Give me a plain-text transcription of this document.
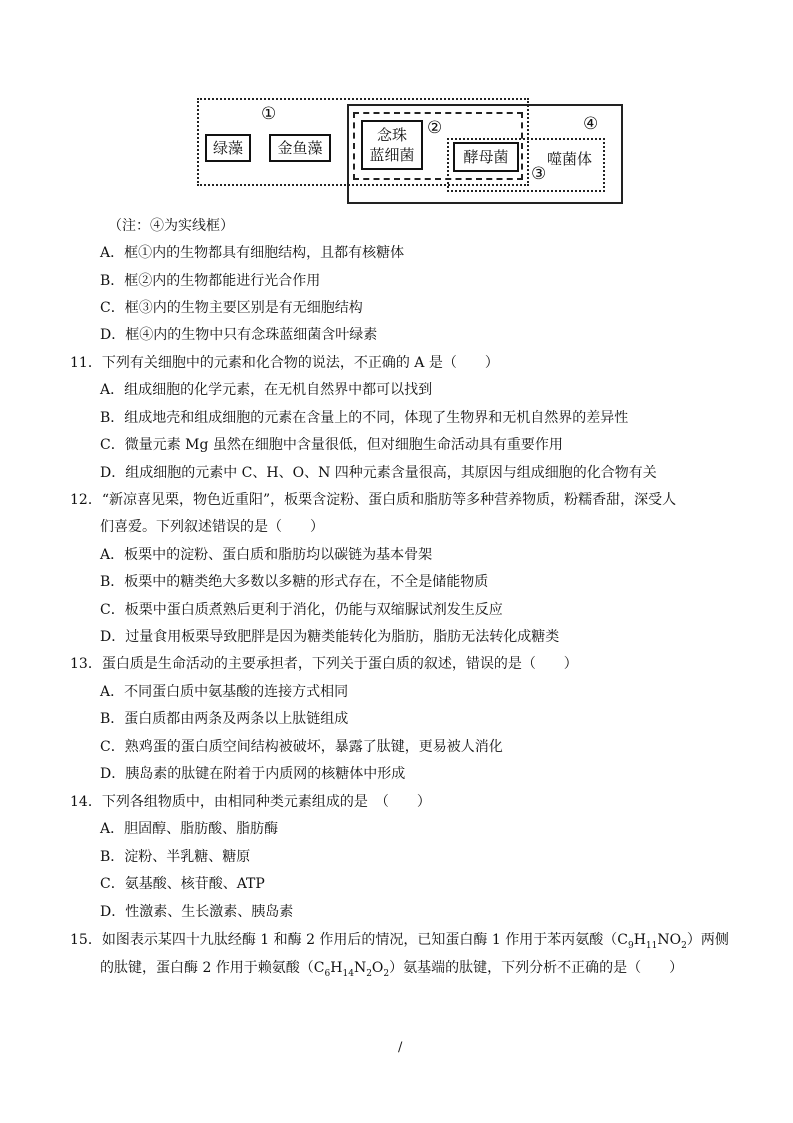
①
②
③
④
绿藻 金鱼藻
念珠
蓝细菌	酵母菌	噬菌体
（注：④为实线框）
A．框①内的生物都具有细胞结构，且都有核糖体
B．框②内的生物都能进行光合作用
C．框③内的生物主要区别是有无细胞结构
D．框④内的生物中只有念珠蓝细菌含叶绿素
11．下列有关细胞中的元素和化合物的说法，不正确的 A 是（　　）
A．组成细胞的化学元素，在无机自然界中都可以找到
B．组成地壳和组成细胞的元素在含量上的不同，体现了生物界和无机自然界的差异性
C．微量元素 Mg 虽然在细胞中含量很低，但对细胞生命活动具有重要作用
D．组成细胞的元素中 C、H、O、N 四种元素含量很高，其原因与组成细胞的化合物有关
12．“新凉喜见栗，物色近重阳”，板栗含淀粉、蛋白质和脂肪等多种营养物质，粉糯香甜，深受人
们喜爱。下列叙述错误的是（　　）
A．板栗中的淀粉、蛋白质和脂肪均以碳链为基本骨架
B．板栗中的糖类绝大多数以多糖的形式存在，不全是储能物质
C．板栗中蛋白质煮熟后更利于消化，仍能与双缩脲试剂发生反应
D．过量食用板栗导致肥胖是因为糖类能转化为脂肪，脂肪无法转化成糖类
13．蛋白质是生命活动的主要承担者，下列关于蛋白质的叙述，错误的是（　　）
A．不同蛋白质中氨基酸的连接方式相同
B．蛋白质都由两条及两条以上肽链组成
C．熟鸡蛋的蛋白质空间结构被破坏，暴露了肽键，更易被人消化
D．胰岛素的肽键在附着于内质网的核糖体中形成
14．下列各组物质中，由相同种类元素组成的是　（　　）
A．胆固醇、脂肪酸、脂肪酶
B．淀粉、半乳糖、糖原
C．氨基酸、核苷酸、ATP
D．性激素、生长激素、胰岛素
15．如图表示某四十九肽经酶 1 和酶 2 作用后的情况，已知蛋白酶 1 作用于苯丙氨酸$(C_9H_{11}NO_2)$两侧
的肽键，蛋白酶 2 作用于赖氨酸$(C_6H_{14}N_2O_2)$氨基端的肽键，下列分析不正确的是（　　）
/
